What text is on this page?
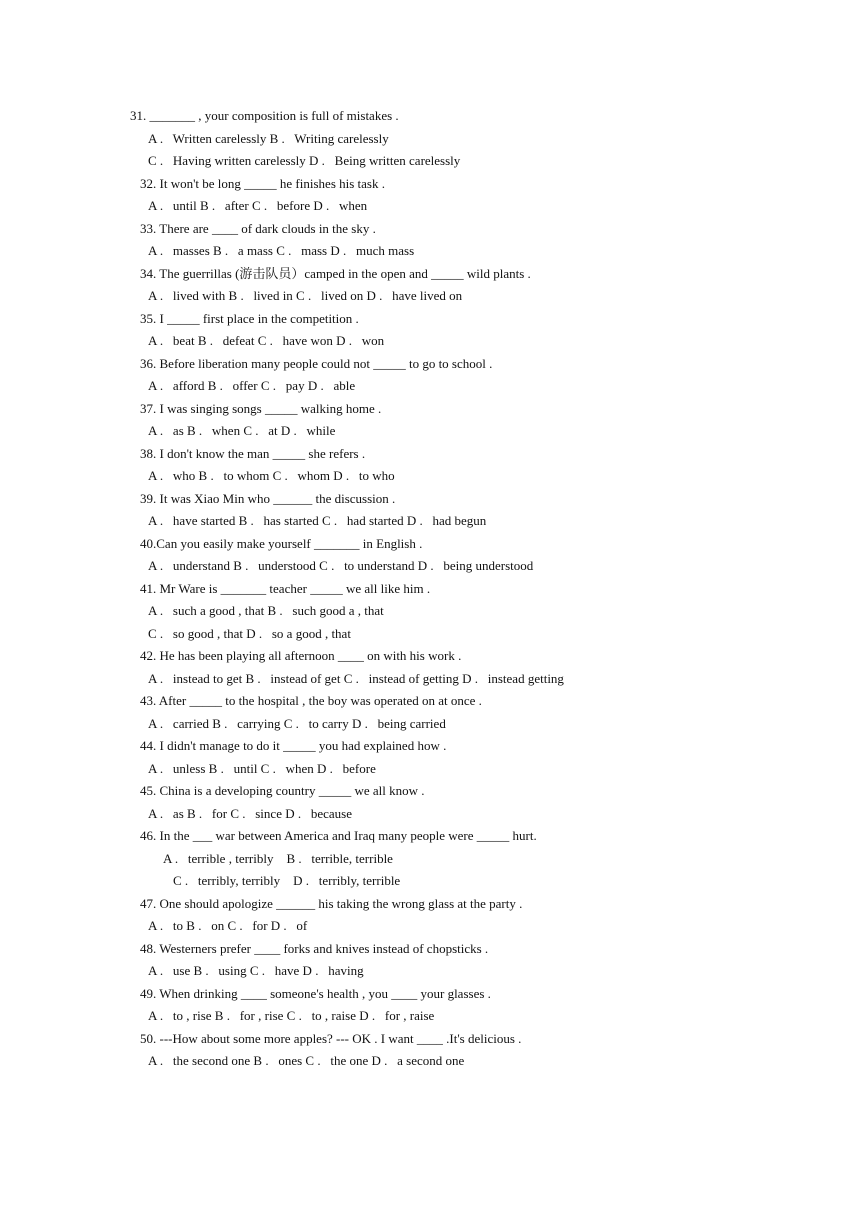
31. _______ , your composition is full of mistakes .
A .   Written carelessly B .   Writing carelessly
C .   Having written carelessly D .   Being written carelessly
32. It won't be long _____ he finishes his task .
A .   until B .   after C .   before D .   when
33. There are ____ of dark clouds in the sky .
A .   masses B .   a mass C .   mass D .   much mass
34. The guerrillas (游击队员）camped in the open and _____ wild plants .
A .   lived with B .   lived in C .   lived on D .   have lived on
35. I _____ first place in the competition .
A .   beat B .   defeat C .   have won D .   won
36. Before liberation many people could not _____ to go to school .
A .   afford B .   offer C .   pay D .   able
37. I was singing songs _____ walking home .
A .   as B .   when C .   at D .   while
38. I don't know the man _____ she refers .
A .   who B .   to whom C .   whom D .   to who
39. It was Xiao Min who ______ the discussion .
A .   have started B .   has started C .   had started D .   had begun
40.Can you easily make yourself _______ in English .
A .   understand B .   understood C .   to understand D .   being understood
41. Mr Ware is _______ teacher _____ we all like him .
A .   such a good , that B .   such good a , that
C .   so good , that D .   so a good , that
42. He has been playing all afternoon ____ on with his work .
A .   instead to get B .   instead of get C .   instead of getting D .   instead getting
43. After _____ to the hospital , the boy was operated on at once .
A .   carried B .   carrying C .   to carry D .   being carried
44. I didn't manage to do it _____ you had explained how .
A .   unless B .   until C .   when D .   before
45. China is a developing country _____ we all know .
A .   as B .   for C .   since D .   because
46. In the ___ war between America and Iraq many people were _____ hurt.
A .   terrible , terribly    B .   terrible, terrible
C .   terribly, terribly    D .   terribly, terrible
47. One should apologize ______ his taking the wrong glass at the party .
A .   to B .   on C .   for D .   of
48. Westerners prefer ____ forks and knives instead of chopsticks .
A .   use B .   using C .   have D .   having
49. When drinking ____ someone's health , you ____ your glasses .
A .   to , rise B .   for , rise C .   to , raise D .   for , raise
50. ---How about some more apples? --- OK . I want ____ .It's delicious .
A .   the second one B .   ones C .   the one D .   a second one
